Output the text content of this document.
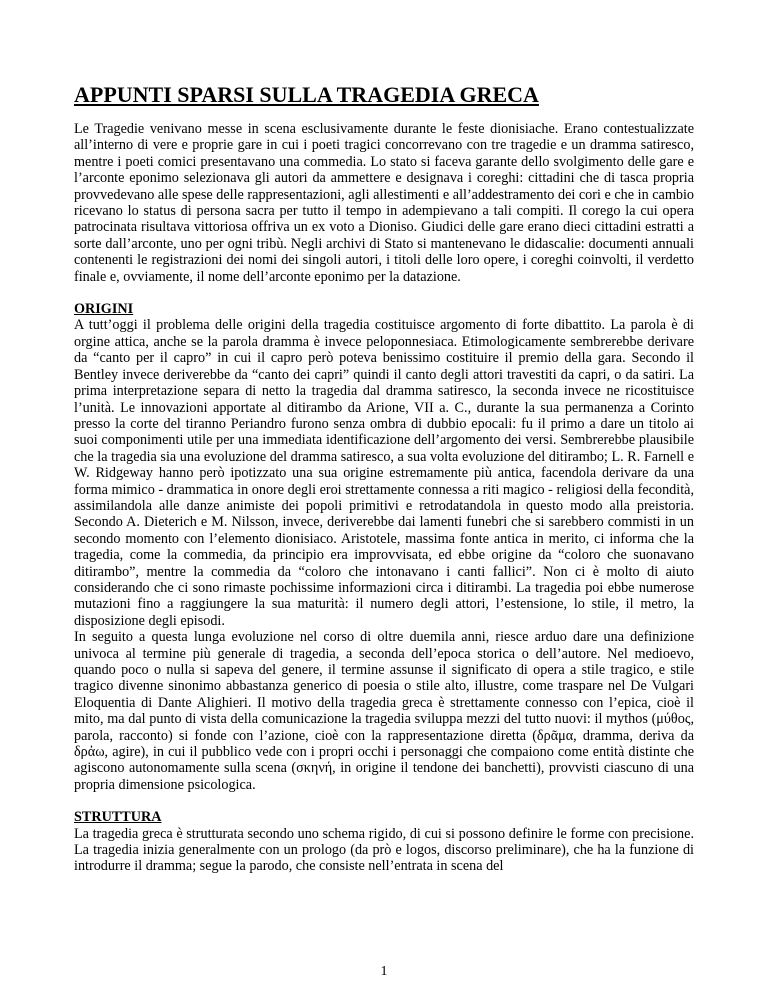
APPUNTI SPARSI SULLA TRAGEDIA GRECA

Le Tragedie venivano messe in scena esclusivamente durante le feste dionisiache. Erano contestualizzate all’interno di vere e proprie gare in cui i poeti tragici concorrevano con tre tragedie e un dramma satiresco, mentre i poeti comici presentavano una commedia. Lo stato si faceva garante dello svolgimento delle gare e l’arconte eponimo selezionava gli autori da ammettere e designava i coreghi: cittadini che di tasca propria provvedevano alle spese delle rappresentazioni, agli allestimenti e all’addestramento dei cori e che in cambio ricevano lo status di persona sacra per tutto il tempo in adempievano a tali compiti. Il corego la cui opera patrocinata risultava vittoriosa offriva un ex voto a Dioniso. Giudici delle gare erano dieci cittadini estratti a sorte dall’arconte, uno per ogni tribù. Negli archivi di Stato si mantenevano le didascalie: documenti annuali contenenti le registrazioni dei nomi dei singoli autori, i titoli delle loro opere, i coreghi coinvolti, il verdetto finale e, ovviamente, il nome dell’arconte eponimo per la datazione.

ORIGINI

A tutt’oggi il problema delle origini della tragedia costituisce argomento di forte dibattito. La parola è di orgine attica, anche se la parola dramma è invece peloponnesiaca. Etimologicamente sembrerebbe derivare da “canto per il capro” in cui il capro però poteva benissimo costituire il premio della gara. Secondo il Bentley invece deriverebbe da “canto dei capri” quindi il canto degli attori travestiti da capri, o da satiri. La prima interpretazione separa di netto la tragedia dal dramma satiresco, la seconda invece ne ricostituisce l’unità. Le innovazioni apportate al ditirambo da Arione, VII a. C., durante la sua permanenza a Corinto presso la corte del tiranno Periandro furono senza ombra di dubbio epocali: fu il primo a dare un titolo ai suoi componimenti utile per una immediata identificazione dell’argomento dei versi. Sembrerebbe plausibile che la tragedia sia una evoluzione del dramma satiresco, a sua volta evoluzione del ditirambo; L. R. Farnell e W. Ridgeway hanno però ipotizzato una sua origine estremamente più antica, facendola derivare da una forma mimico - drammatica in onore degli eroi strettamente connessa a riti magico - religiosi della fecondità, assimilandola alle danze animiste dei popoli primitivi e retrodatandola in questo modo alla preistoria. Secondo A. Dieterich e M. Nilsson, invece, deriverebbe dai lamenti funebri che si sarebbero commisti in un secondo momento con l’elemento dionisiaco. Aristotele, massima fonte antica in merito, ci informa che la tragedia, come la commedia, da principio era improvvisata, ed ebbe origine da “coloro che suonavano ditirambo”, mentre la commedia da “coloro che intonavano i canti fallici”. Non ci è molto di aiuto considerando che ci sono rimaste pochissime informazioni circa i ditirambi. La tragedia poi ebbe numerose mutazioni fino a raggiungere la sua maturità: il numero degli attori, l’estensione, lo stile, il metro, la disposizione degli episodi.

In seguito a questa lunga evoluzione nel corso di oltre duemila anni, riesce arduo dare una definizione univoca al termine più generale di tragedia, a seconda dell’epoca storica o dell’autore. Nel medioevo, quando poco o nulla si sapeva del genere, il termine assunse il significato di opera a stile tragico, e stile tragico divenne sinonimo abbastanza generico di poesia o stile alto, illustre, come traspare nel De Vulgari Eloquentia di Dante Alighieri. Il motivo della tragedia greca è strettamente connesso con l’epica, cioè il mito, ma dal punto di vista della comunicazione la tragedia sviluppa mezzi del tutto nuovi: il mythos (μύθος, parola, racconto) si fonde con l’azione, cioè con la rappresentazione diretta (δρᾶμα, dramma, deriva da δρἀω, agire), in cui il pubblico vede con i propri occhi i personaggi che compaiono come entità distinte che agiscono autonomamente sulla scena (σκηνή, in origine il tendone dei banchetti), provvisti ciascuno di una propria dimensione psicologica.

STRUTTURA

La tragedia greca è strutturata secondo uno schema rigido, di cui si possono definire le forme con precisione. La tragedia inizia generalmente con un prologo (da prò e logos, discorso preliminare), che ha la funzione di introdurre il dramma; segue la parodo, che consiste nell’entrata in scena del

1
